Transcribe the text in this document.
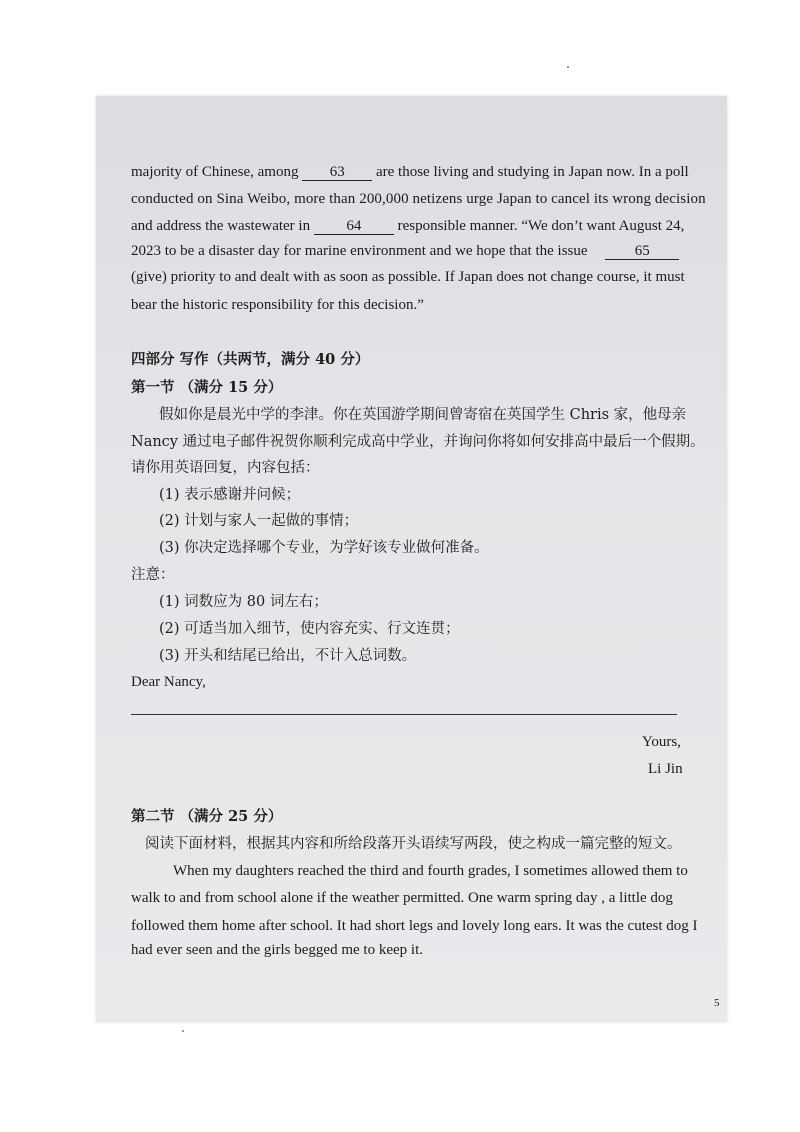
majority of Chinese, among 63 are those living and studying in Japan now. In a poll
conducted on Sina Weibo, more than 200,000 netizens urge Japan to cancel its wrong decision
and address the wastewater in 64 responsible manner. “We don’t want August 24,
2023 to be a disaster day for marine environment and we hope that the issue	65
(give) priority to and dealt with as soon as possible. If Japan does not change course, it must
bear the historic responsibility for this decision.”
四部分 写作（共两节，满分 40 分）
第一节 （满分 15 分）
假如你是晨光中学的李津。你在英国游学期间曾寄宿在英国学生 Chris 家，他母亲
Nancy 通过电子邮件祝贺你顺利完成高中学业，并询问你将如何安排高中最后一个假期。
请你用英语回复，内容包括：
(1) 表示感谢并问候；
(2) 计划与家人一起做的事情；
(3) 你决定选择哪个专业，为学好该专业做何准备。
注意：
(1) 词数应为 80 词左右；
(2) 可适当加入细节，使内容充实、行文连贯；
(3) 开头和结尾已给出，不计入总词数。
Dear Nancy,
Yours,
Li Jin
第二节 （满分 25 分）
阅读下面材料，根据其内容和所给段落开头语续写两段，使之构成一篇完整的短文。
When my daughters reached the third and fourth grades, I sometimes allowed them to
walk to and from school alone if the weather permitted. One warm spring day , a little dog
followed them home after school. It had short legs and lovely long ears. It was the cutest dog I
had ever seen and the girls begged me to keep it.
5
